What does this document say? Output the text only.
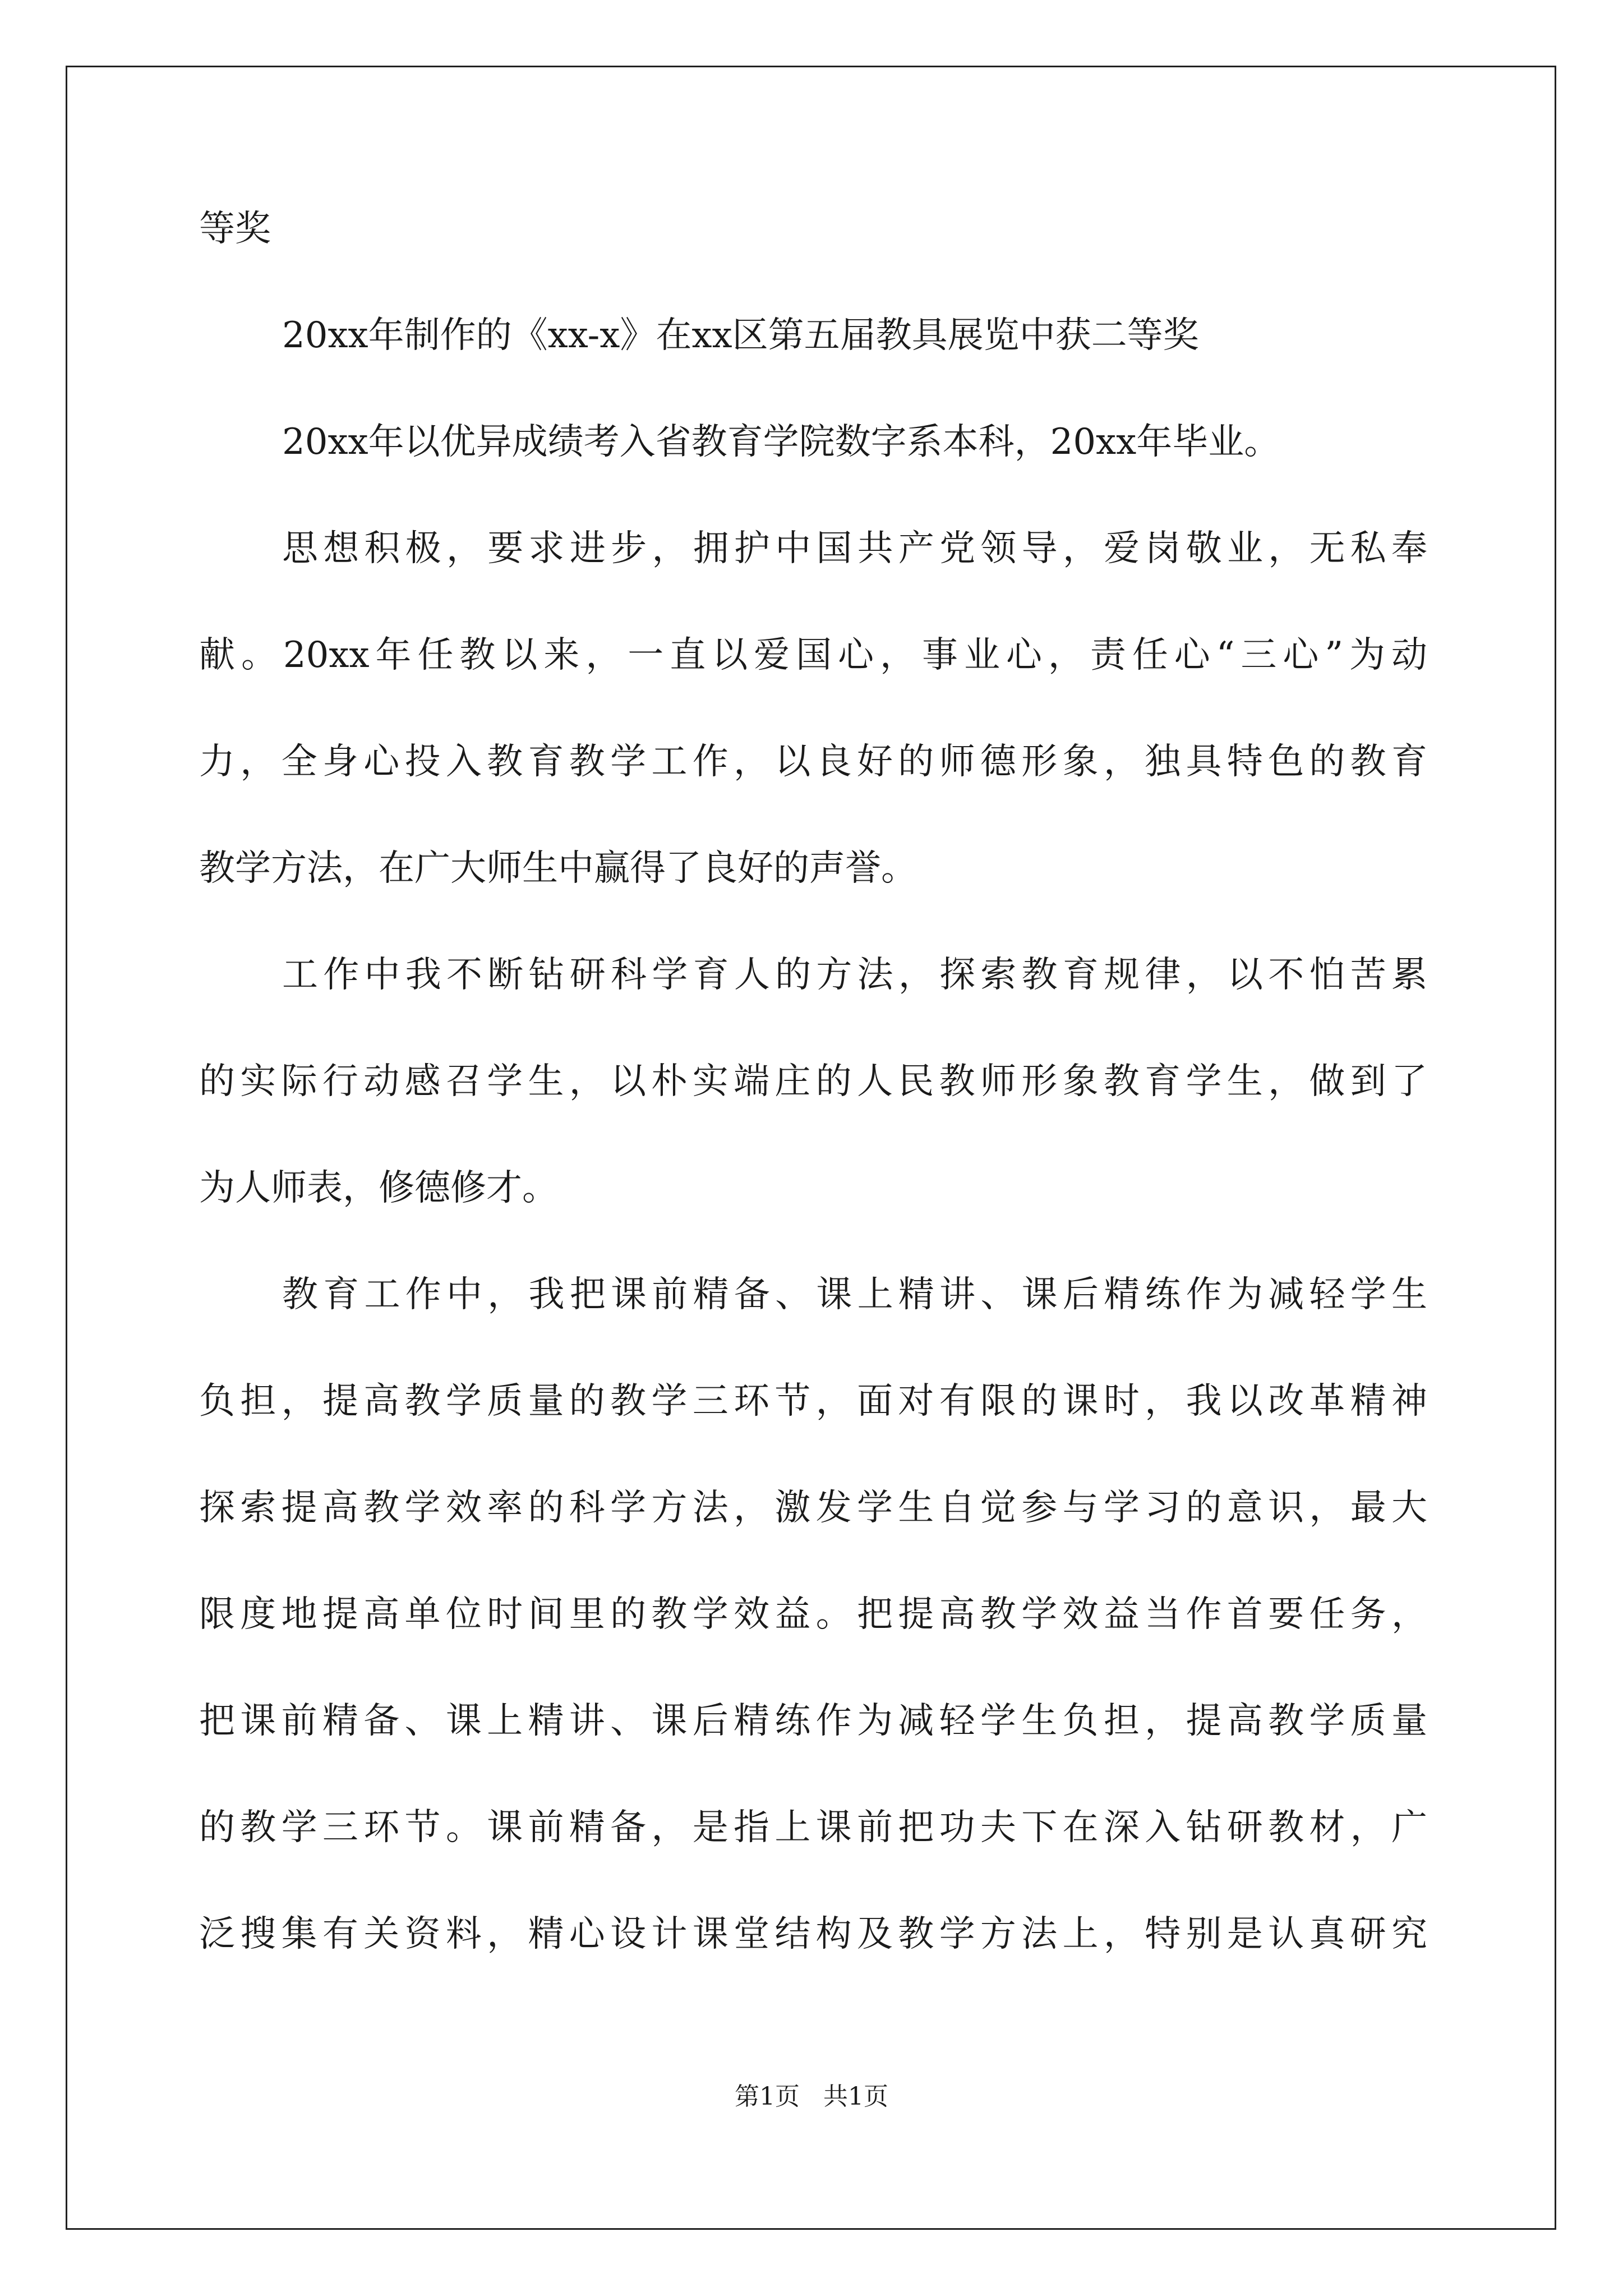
等奖
20xx年制作的《xx-x》在xx区第五届教具展览中获二等奖
20xx年以优异成绩考入省教育学院数字系本科，20xx年毕业。
思想积极，要求进步，拥护中国共产党领导，爱岗敬业，无私奉
献。20xx年任教以来，一直以爱国心，事业心，责任心“三心”为动
力，全身心投入教育教学工作，以良好的师德形象，独具特色的教育
教学方法，在广大师生中赢得了良好的声誉。
工作中我不断钻研科学育人的方法，探索教育规律，以不怕苦累
的实际行动感召学生，以朴实端庄的人民教师形象教育学生，做到了
为人师表，修德修才。
教育工作中，我把课前精备、课上精讲、课后精练作为减轻学生
负担，提高教学质量的教学三环节，面对有限的课时，我以改革精神
探索提高教学效率的科学方法，激发学生自觉参与学习的意识，最大
限度地提高单位时间里的教学效益。把提高教学效益当作首要任务，
把课前精备、课上精讲、课后精练作为减轻学生负担，提高教学质量
的教学三环节。课前精备，是指上课前把功夫下在深入钻研教材，广
泛搜集有关资料，精心设计课堂结构及教学方法上，特别是认真研究
第1页   共1页
